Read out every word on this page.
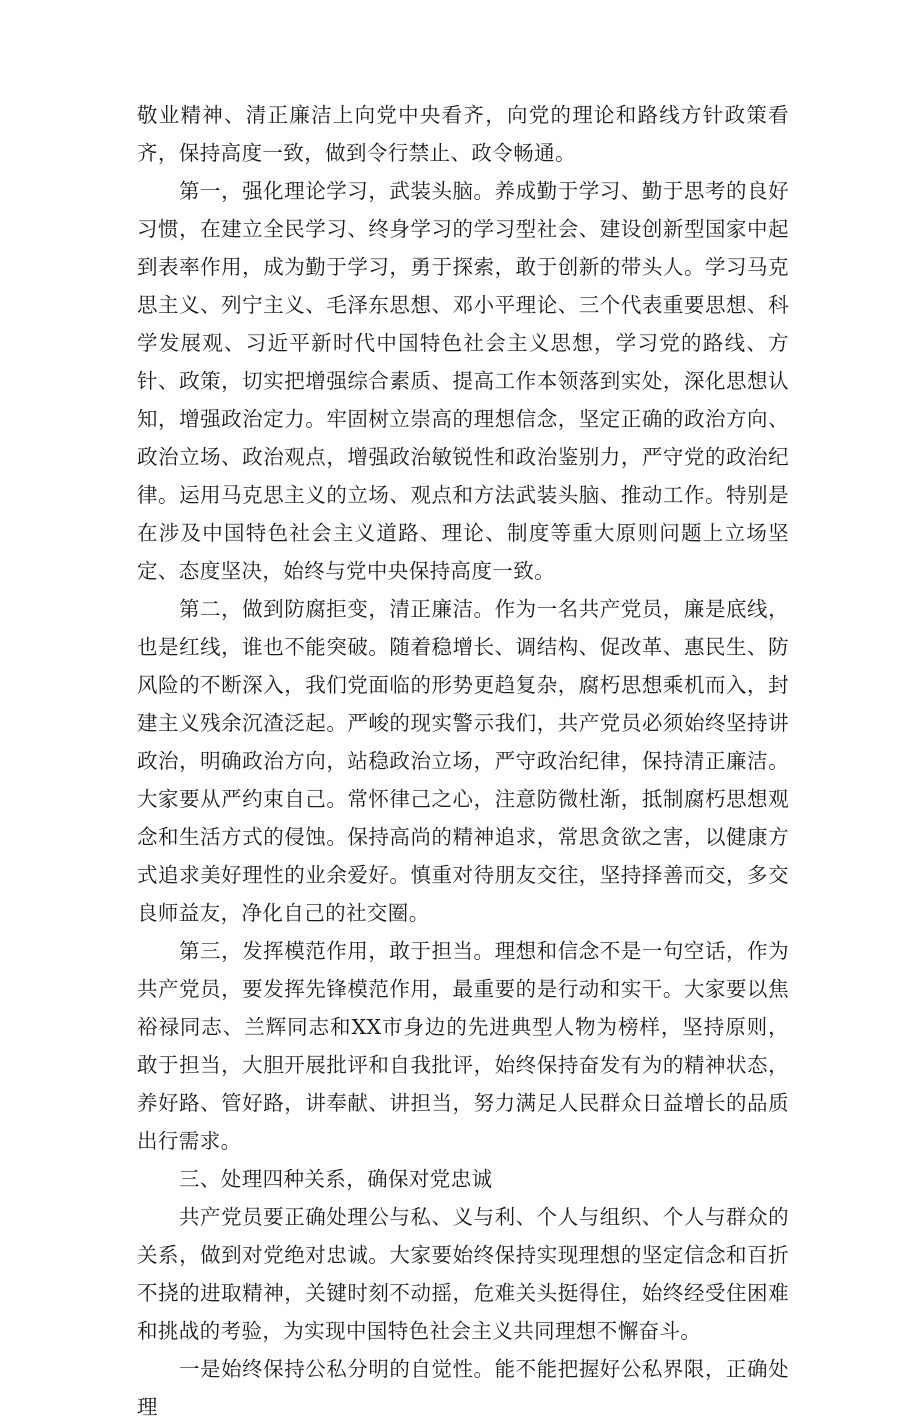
敬业精神、清正廉洁上向党中央看齐，向党的理论和路线方针政策看齐，保持高度一致，做到令行禁止、政令畅通。

第一，强化理论学习，武装头脑。养成勤于学习、勤于思考的良好习惯，在建立全民学习、终身学习的学习型社会、建设创新型国家中起到表率作用，成为勤于学习，勇于探索，敢于创新的带头人。学习马克思主义、列宁主义、毛泽东思想、邓小平理论、三个代表重要思想、科学发展观、习近平新时代中国特色社会主义思想，学习党的路线、方针、政策，切实把增强综合素质、提高工作本领落到实处，深化思想认知，增强政治定力。牢固树立崇高的理想信念，坚定正确的政治方向、政治立场、政治观点，增强政治敏锐性和政治鉴别力，严守党的政治纪律。运用马克思主义的立场、观点和方法武装头脑、推动工作。特别是在涉及中国特色社会主义道路、理论、制度等重大原则问题上立场坚定、态度坚决，始终与党中央保持高度一致。

第二，做到防腐拒变，清正廉洁。作为一名共产党员，廉是底线，也是红线，谁也不能突破。随着稳增长、调结构、促改革、惠民生、防风险的不断深入，我们党面临的形势更趋复杂，腐朽思想乘机而入，封建主义残余沉渣泛起。严峻的现实警示我们，共产党员必须始终坚持讲政治，明确政治方向，站稳政治立场，严守政治纪律，保持清正廉洁。大家要从严约束自己。常怀律己之心，注意防微杜渐，抵制腐朽思想观念和生活方式的侵蚀。保持高尚的精神追求，常思贪欲之害，以健康方式追求美好理性的业余爱好。慎重对待朋友交往，坚持择善而交，多交良师益友，净化自己的社交圈。

第三，发挥模范作用，敢于担当。理想和信念不是一句空话，作为共产党员，要发挥先锋模范作用，最重要的是行动和实干。大家要以焦裕禄同志、兰辉同志和XX市身边的先进典型人物为榜样，坚持原则，敢于担当，大胆开展批评和自我批评，始终保持奋发有为的精神状态，养好路、管好路，讲奉献、讲担当，努力满足人民群众日益增长的品质出行需求。

三、处理四种关系，确保对党忠诚

共产党员要正确处理公与私、义与利、个人与组织、个人与群众的关系，做到对党绝对忠诚。大家要始终保持实现理想的坚定信念和百折不挠的进取精神，关键时刻不动摇，危难关头挺得住，始终经受住困难和挑战的考验，为实现中国特色社会主义共同理想不懈奋斗。

一是始终保持公私分明的自觉性。能不能把握好公私界限，正确处理
